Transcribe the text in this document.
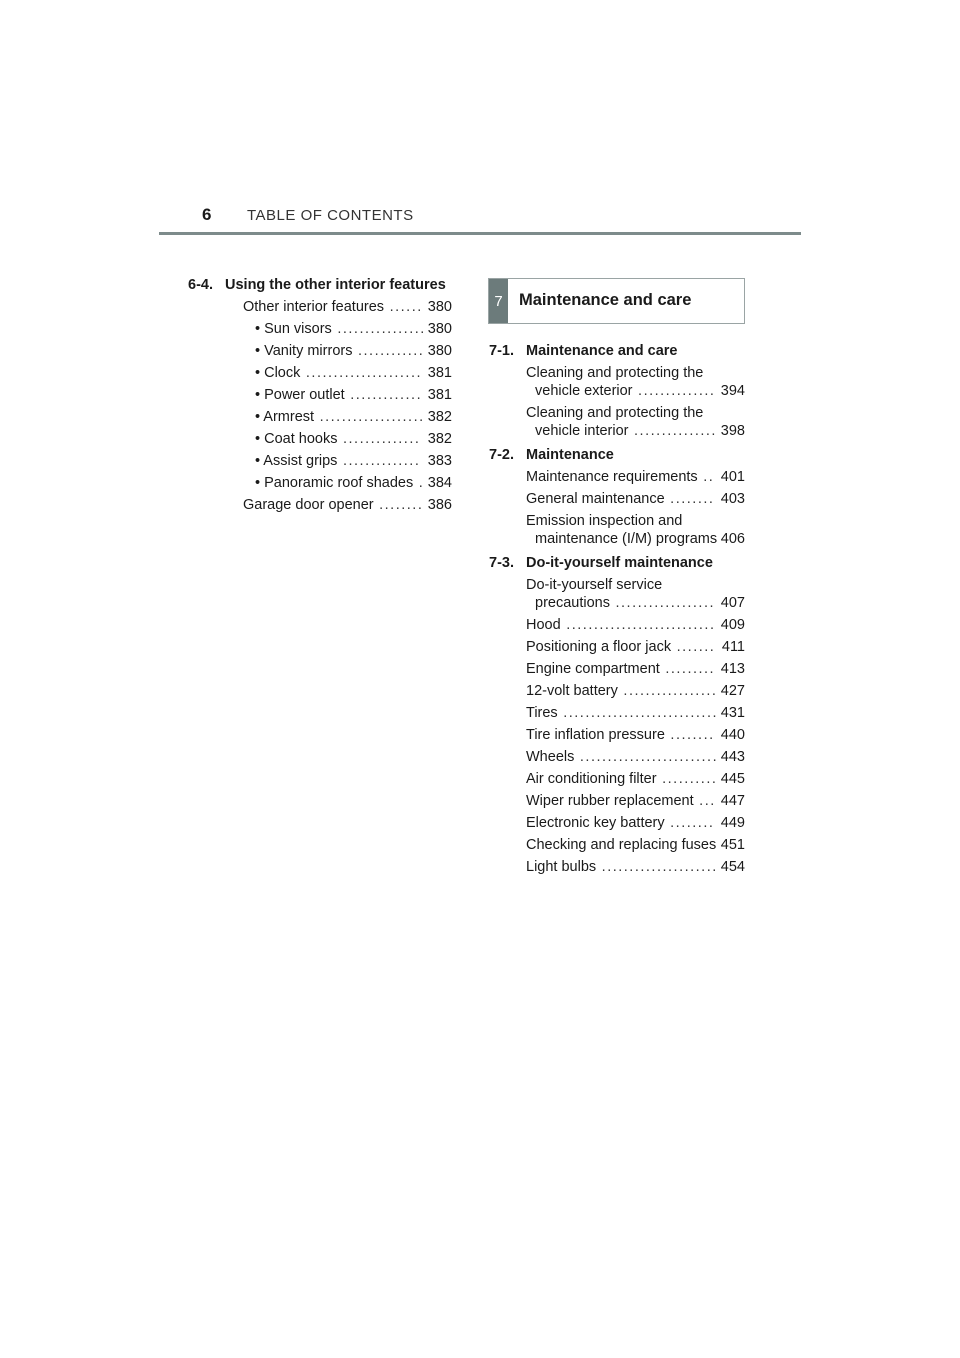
6 TABLE OF CONTENTS
6-4. Using the other interior features
Other interior features ...... 380
• Sun visors ................ 380
• Vanity mirrors ............ 380
• Clock ..................... 381
• Power outlet ............. 381
• Armrest ................... 382
• Coat hooks .............. 382
• Assist grips .............. 383
• Panoramic roof shades . 384
Garage door opener ........ 386
7 Maintenance and care
7-1. Maintenance and care
Cleaning and protecting the vehicle exterior .............. 394
Cleaning and protecting the vehicle interior ............... 398
7-2. Maintenance
Maintenance requirements .. 401
General maintenance ........ 403
Emission inspection and maintenance (I/M) programs 406
7-3. Do-it-yourself maintenance
Do-it-yourself service precautions .................. 407
Hood ........................... 409
Positioning a floor jack ....... 411
Engine compartment ......... 413
12-volt battery ................. 427
Tires ............................ 431
Tire inflation pressure ........ 440
Wheels ......................... 443
Air conditioning filter .......... 445
Wiper rubber replacement ... 447
Electronic key battery ........ 449
Checking and replacing fuses 451
Light bulbs ..................... 454
